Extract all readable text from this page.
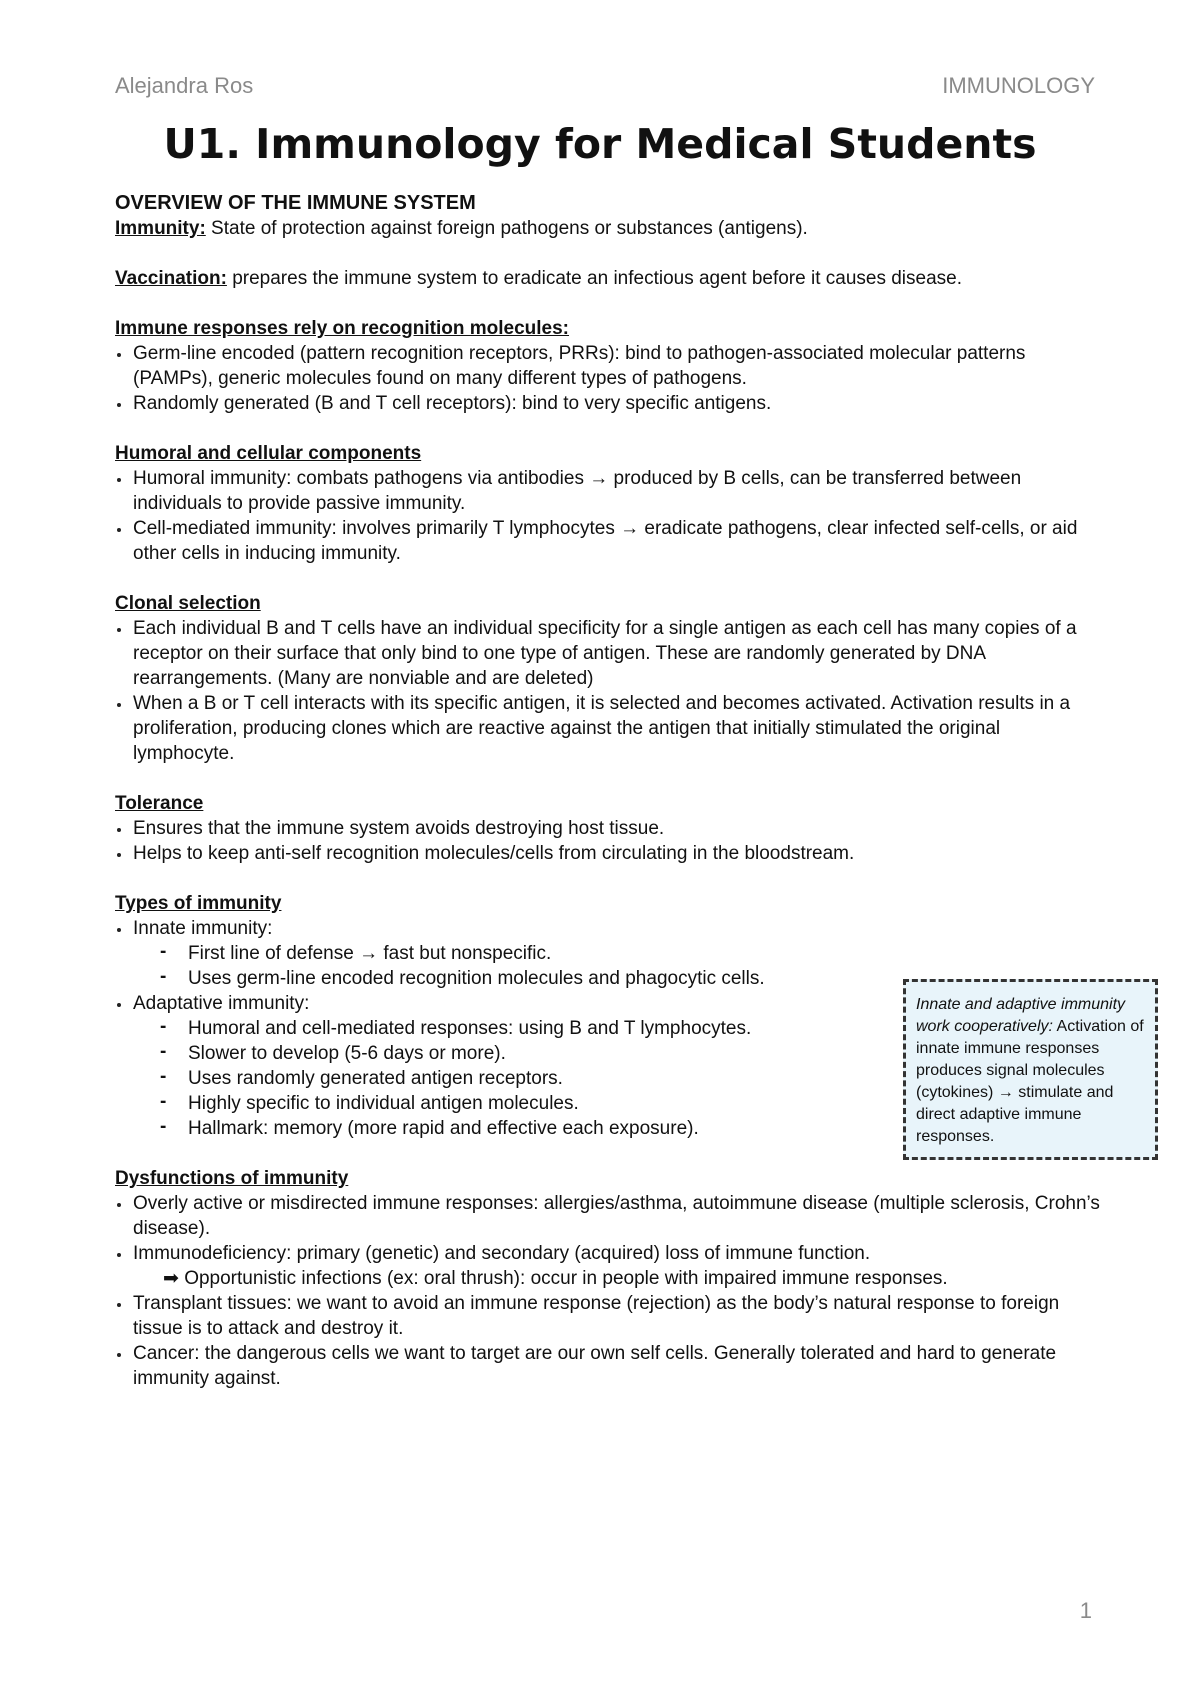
Alejandra Ros	IMMUNOLOGY
U1. Immunology for Medical Students
OVERVIEW OF THE IMMUNE SYSTEM

Immunity: State of protection against foreign pathogens or substances (antigens).

Vaccination: prepares the immune system to eradicate an infectious agent before it causes disease.

Immune responses rely on recognition molecules:

Germ-line encoded (pattern recognition receptors, PRRs): bind to pathogen-associated molecular patterns (PAMPs), generic molecules found on many different types of pathogens.
Randomly generated (B and T cell receptors): bind to very specific antigens.

Humoral and cellular components

Humoral immunity: combats pathogens via antibodies → produced by B cells, can be transferred between individuals to provide passive immunity.
Cell-mediated immunity: involves primarily T lymphocytes → eradicate pathogens, clear infected self-cells, or aid other cells in inducing immunity.

Clonal selection

Each individual B and T cells have an individual specificity for a single antigen as each cell has many copies of a receptor on their surface that only bind to one type of antigen. These are randomly generated by DNA rearrangements. (Many are nonviable and are deleted)
When a B or T cell interacts with its specific antigen, it is selected and becomes activated. Activation results in a proliferation, producing clones which are reactive against the antigen that initially stimulated the original lymphocyte.

Tolerance

Ensures that the immune system avoids destroying host tissue.
Helps to keep anti-self recognition molecules/cells from circulating in the bloodstream.

Types of immunity

Innate immunity:
- First line of defense → fast but nonspecific.
- Uses germ-line encoded recognition molecules and phagocytic cells.
Adaptative immunity:
- Humoral and cell-mediated responses: using B and T lymphocytes.
- Slower to develop (5-6 days or more).
- Uses randomly generated antigen receptors.
- Highly specific to individual antigen molecules.
- Hallmark: memory (more rapid and effective each exposure).

Dysfunctions of immunity

Overly active or misdirected immune responses: allergies/asthma, autoimmune disease (multiple sclerosis, Crohn’s disease).
Immunodeficiency: primary (genetic) and secondary (acquired) loss of immune function.
➡ Opportunistic infections (ex: oral thrush): occur in people with impaired immune responses.
Transplant tissues: we want to avoid an immune response (rejection) as the body’s natural response to foreign tissue is to attack and destroy it.
Cancer: the dangerous cells we want to target are our own self cells. Generally tolerated and hard to generate immunity against.
Innate and adaptive immunity work cooperatively: Activation of innate immune responses produces signal molecules (cytokines) → stimulate and direct adaptive immune responses.
1
